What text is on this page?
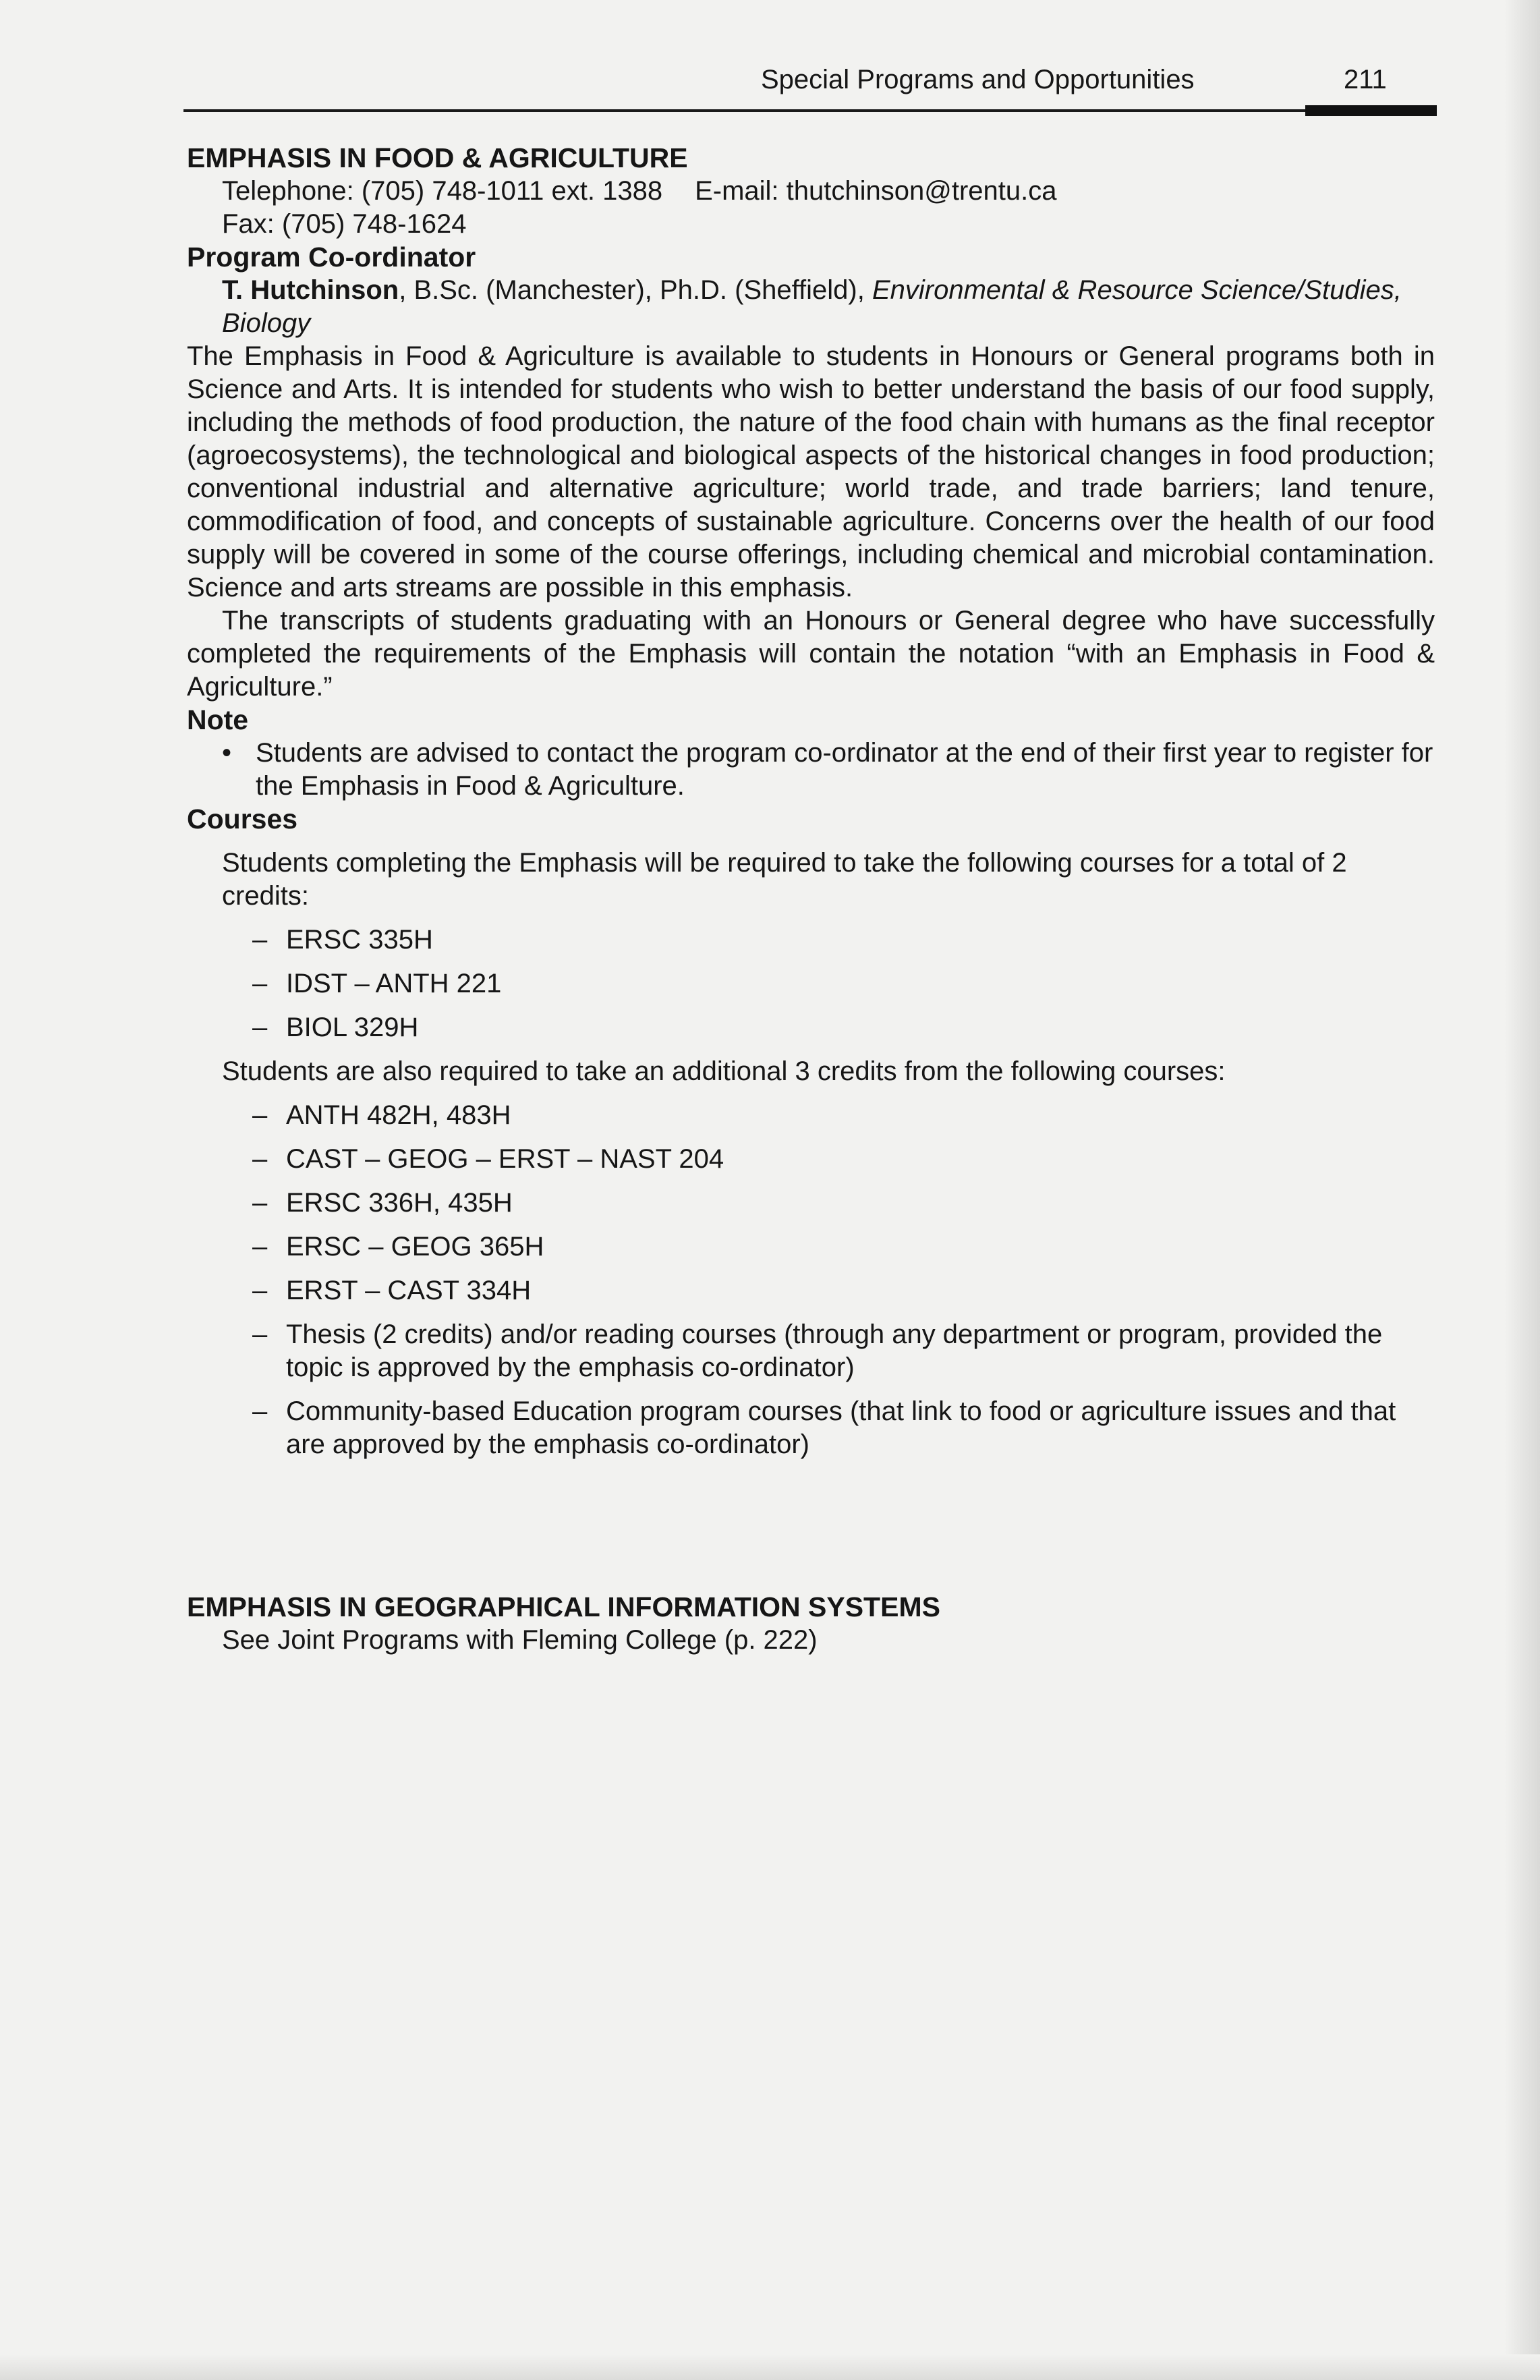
Special Programs and Opportunities	211

EMPHASIS IN FOOD & AGRICULTURE

Telephone: (705) 748-1011 ext. 1388 E-mail: thutchinson@trentu.ca

Fax: (705) 748-1624

Program Co-ordinator

T. Hutchinson, B.Sc. (Manchester), Ph.D. (Sheffield), Environmental & Resource Science/Studies, Biology

The Emphasis in Food & Agriculture is available to students in Honours or General programs both in Science and Arts. It is intended for students who wish to better understand the basis of our food supply, including the methods of food production, the nature of the food chain with humans as the final receptor (agroecosystems), the technological and biological aspects of the historical changes in food production; conventional industrial and alternative agriculture; world trade, and trade barriers; land tenure, commodification of food, and concepts of sustainable agriculture. Concerns over the health of our food supply will be covered in some of the course offerings, including chemical and microbial contamination. Science and arts streams are possible in this emphasis.

The transcripts of students graduating with an Honours or General degree who have successfully completed the requirements of the Emphasis will contain the notation “with an Emphasis in Food & Agriculture.”

Note

• Students are advised to contact the program co-ordinator at the end of their first year to register for the Emphasis in Food & Agriculture.

Courses

Students completing the Emphasis will be required to take the following courses for a total of 2 credits:

– ERSC 335H
– IDST – ANTH 221
– BIOL 329H

Students are also required to take an additional 3 credits from the following courses:

– ANTH 482H, 483H
– CAST – GEOG – ERST – NAST 204
– ERSC 336H, 435H
– ERSC – GEOG 365H
– ERST – CAST 334H
– Thesis (2 credits) and/or reading courses (through any department or program, provided the topic is approved by the emphasis co-ordinator)
– Community-based Education program courses (that link to food or agriculture issues and that are approved by the emphasis co-ordinator)

EMPHASIS IN GEOGRAPHICAL INFORMATION SYSTEMS

See Joint Programs with Fleming College (p. 222)
